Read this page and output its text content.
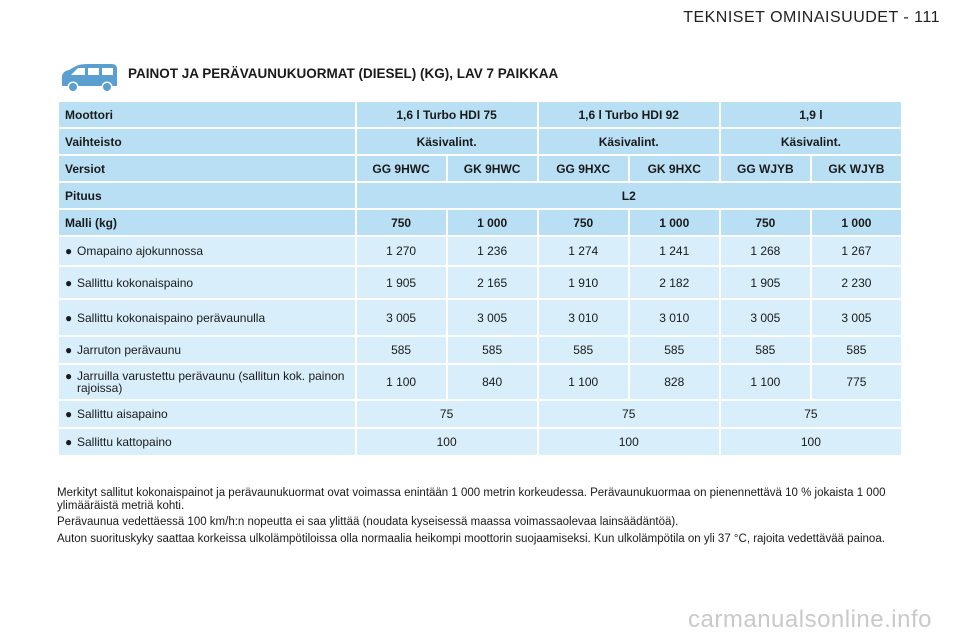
TEKNISET OMINAISUUDET - 111
PAINOT JA PERÄVAUNUKUORMAT (DIESEL) (KG), LAV 7 PAIKKAA
Moottori	1,6 l Turbo HDI 75		1,6 l Turbo HDI 92		1,9 l	
Vaihteisto	Käsivalint.		Käsivalint.		Käsivalint.	
Versiot	GG 9HWC	GK 9HWC	GG 9HXC	GK 9HXC	GG WJYB	GK WJYB
Pituus	L2					
Malli (kg)	750	1 000	750	1 000	750	1 000
● Omapaino ajokunnossa	1 270	1 236	1 274	1 241	1 268	1 267
● Sallittu kokonaispaino	1 905	2 165	1 910	2 182	1 905	2 230
● Sallittu kokonaispaino perävaunulla	3 005	3 005	3 010	3 010	3 005	3 005
● Jarruton perävaunu	585	585	585	585	585	585

● Jarruilla varustettu perävaunu (sallitun kok. painon rajoissa)	1 100	840	1 100	828	1 100	775
● Sallittu aisapaino	75		75		75	
● Sallittu kattopaino	100		100		100	

Merkityt sallitut kokonaispainot ja perävaunukuormat ovat voimassa enintään 1 000 metrin korkeudessa. Perävaunukuormaa on pienennettävä 10 % jokaista 1 000 ylimääräistä metriä kohti.

Perävaunua vedettäessä 100 km/h:n nopeutta ei saa ylittää (noudata kyseisessä maassa voimassaolevaa lainsäädäntöä).

Auton suorituskyky saattaa korkeissa ulkolämpötiloissa olla normaalia heikompi moottorin suojaamiseksi. Kun ulkolämpötila on yli 37 °C, rajoita vedettävää painoa.

carmanualsonline.info
